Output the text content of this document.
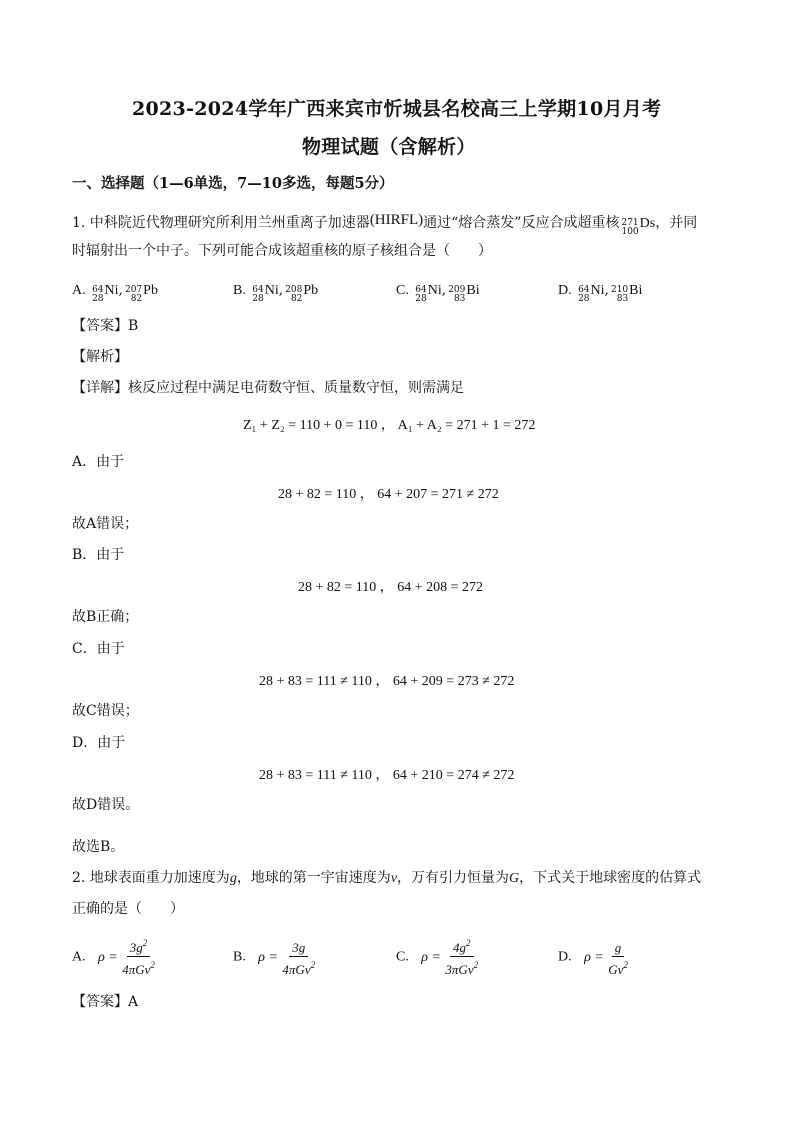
2023-2024学年广西来宾市忻城县名校高三上学期10月月考
物理试题（含解析）
一、选择题（1—6单选，7—10多选，每题5分）
1. 中科院近代物理研究所利用兰州重离子加速器(HIRFL)通过“熔合蒸发”反应合成超重核 271
100
Ds，并同
时辐射出一个中子。下列可能合成该超重核的原子核组合是（　　）
A. 64
28
Ni, 207
82
Pb	B. 64
28
Ni, 208
82
Pb	C. 64
28
Ni, 209
83
Bi	D. 64
28
Ni, 210
83
Bi
【答案】B
【解析】
【详解】核反应过程中满足电荷数守恒、质量数守恒，则需满足
Z₁ + Z₂ = 110 + 0 = 110 ， A₁ + A₂ = 271 + 1 = 272
A．由于
28 + 82 = 110 ， 64 + 207 = 271 ≠ 272
故A错误；
B．由于
28 + 82 = 110 ， 64 + 208 = 272
故B正确；
C．由于
28 + 83 = 111 ≠ 110 ， 64 + 209 = 273 ≠ 272
故C错误；
D．由于
28 + 83 = 111 ≠ 110 ， 64 + 210 = 274 ≠ 272
故D错误。
故选B。
2. 地球表面重力加速度为g，地球的第一宇宙速度为v，万有引力恒量为G，下式关于地球密度的估算式
正确的是（　　）
A. $\rho = \frac{3g^2}{4\pi Gv^2}$	B. $\rho = \frac{3g}{4\pi Gv^2}$	C. $\rho = \frac{4g^2}{3\pi Gv^2}$	D. $\rho = \frac{g}{Gv^2}$
【答案】A
